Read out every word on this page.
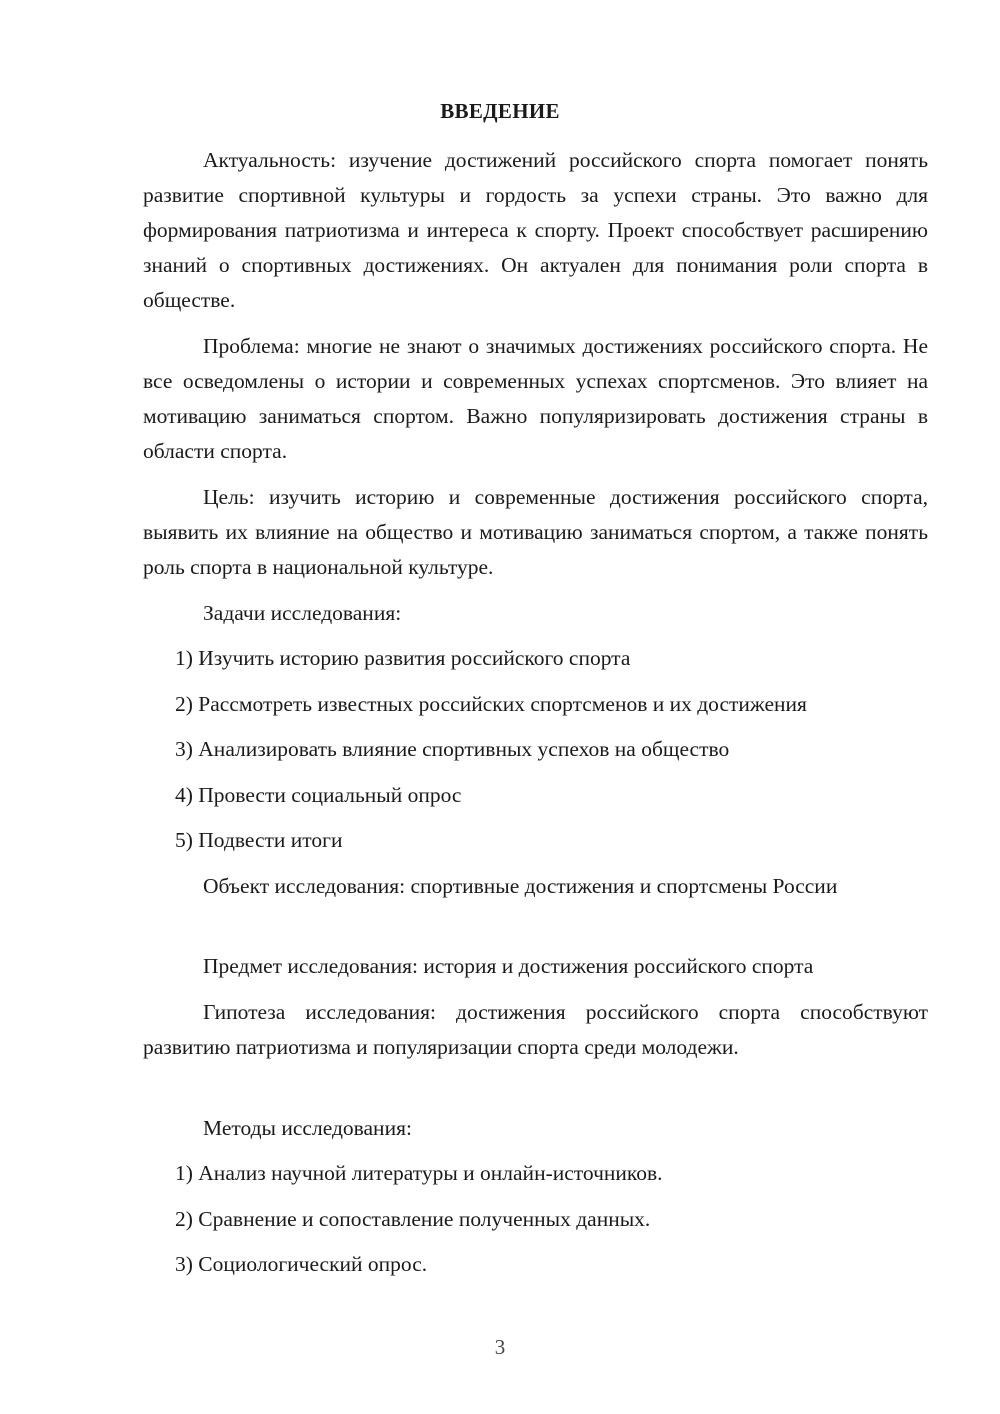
ВВЕДЕНИЕ

Актуальность: изучение достижений российского спорта помогает понять развитие спортивной культуры и гордость за успехи страны. Это важно для формирования патриотизма и интереса к спорту. Проект способствует расширению знаний о спортивных достижениях. Он актуален для понимания роли спорта в обществе.

Проблема: многие не знают о значимых достижениях российского спорта. Не все осведомлены о истории и современных успехах спортсменов. Это влияет на мотивацию заниматься спортом. Важно популяризировать достижения страны в области спорта.

Цель: изучить историю и современные достижения российского спорта, выявить их влияние на общество и мотивацию заниматься спортом, а также понять роль спорта в национальной культуре.

Задачи исследования:

1) Изучить историю развития российского спорта

2) Рассмотреть известных российских спортсменов и их достижения

3) Анализировать влияние спортивных успехов на общество

4) Провести социальный опрос

5) Подвести итоги

Объект исследования: спортивные достижения и спортсмены России

Предмет исследования: история и достижения российского спорта

Гипотеза исследования: достижения российского спорта способствуют развитию патриотизма и популяризации спорта среди молодежи.

Методы исследования:

1) Анализ научной литературы и онлайн-источников.

2) Сравнение и сопоставление полученных данных.

3) Социологический опрос.

3
